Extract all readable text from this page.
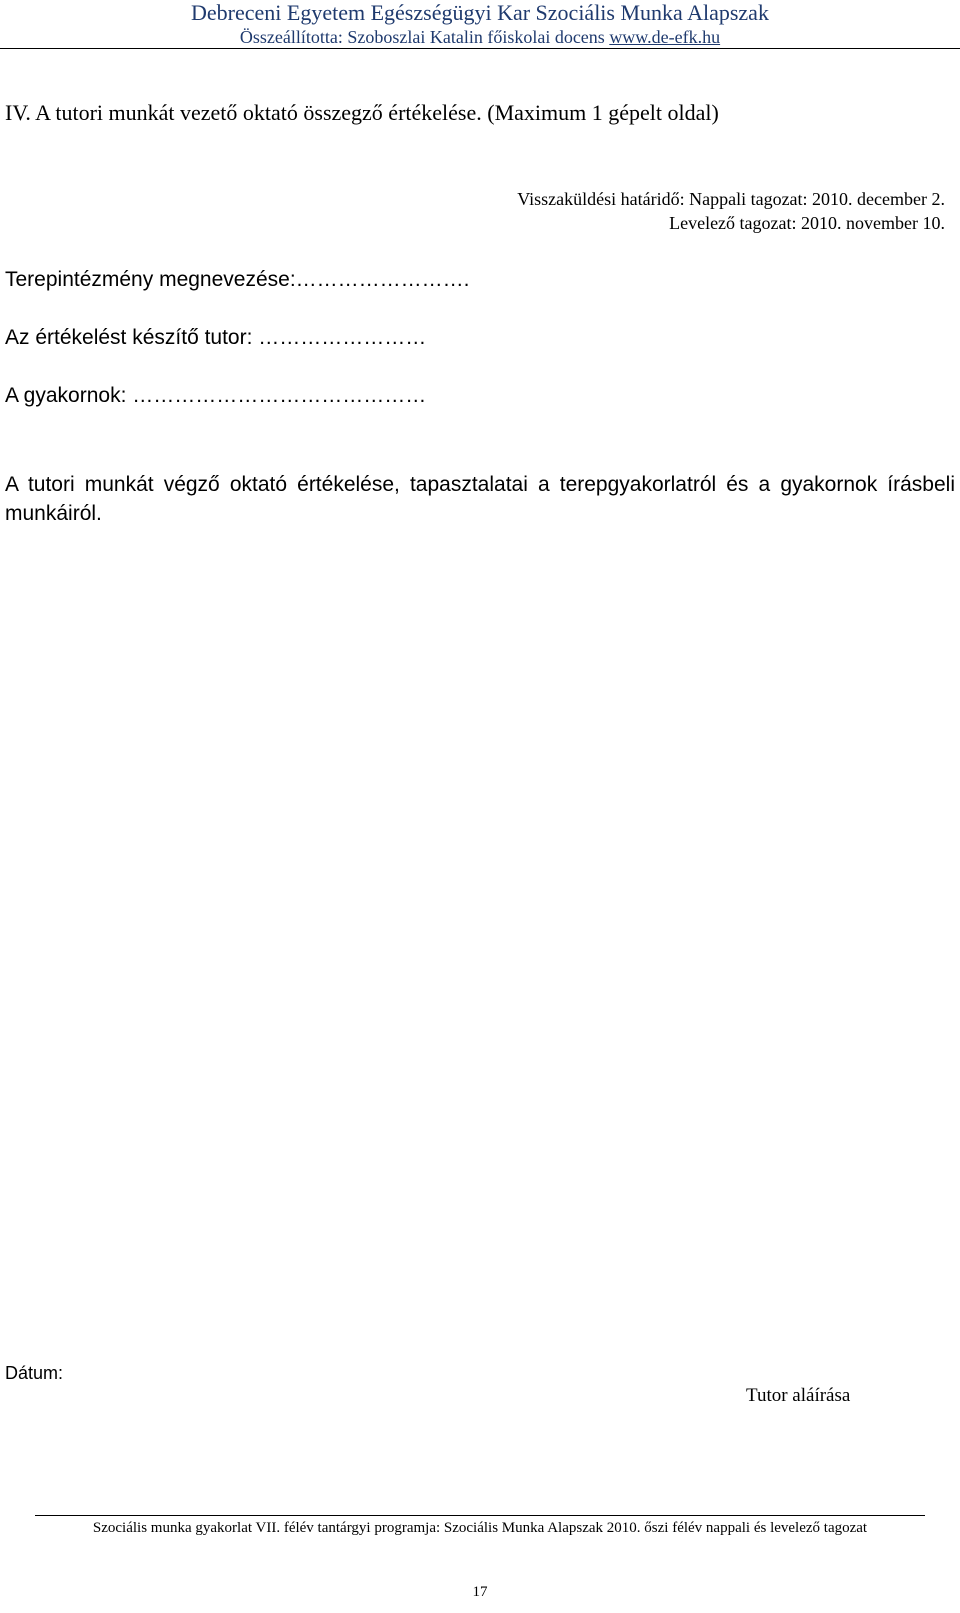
Debreceni Egyetem Egészségügyi Kar Szociális Munka Alapszak
Összeállította: Szoboszlai Katalin főiskolai docens www.de-efk.hu
IV. A tutori munkát vezető oktató összegző értékelése. (Maximum 1 gépelt oldal)
Visszaküldési határidő: Nappali tagozat: 2010. december 2.
Levelező tagozat: 2010. november 10.
Terepintézmény megnevezése:…………………….
Az értékelést készítő tutor: ……………………
A gyakornok: ……………………………………
A tutori munkát végző oktató értékelése, tapasztalatai a terepgyakorlatról és a gyakornok írásbeli munkáiról.
Dátum:
Tutor aláírása
Szociális munka gyakorlat VII. félév tantárgyi programja: Szociális Munka Alapszak 2010. őszi félév nappali és levelező tagozat
17
